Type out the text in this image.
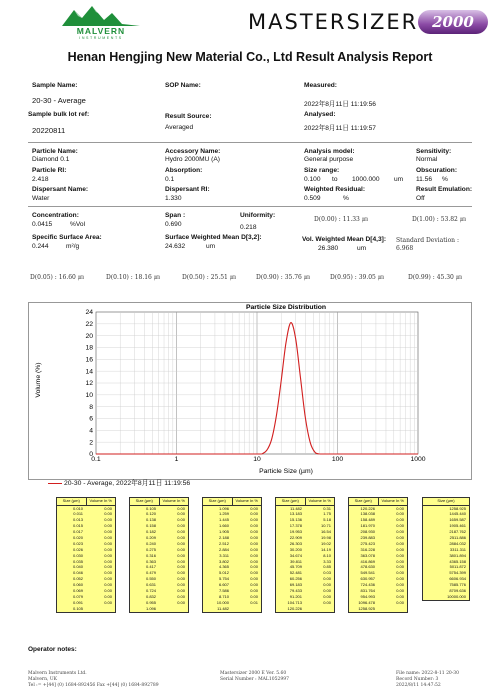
MALVERN
INSTRUMENTS
MASTERSIZER 2000
Henan Hengjing New Material Co., Ltd Result Analysis Report
Sample Name:
20-30 - Average
SOP Name:	Measured:
2022年8月11日 11:19:56
Sample bulk lot ref:
20220811
Result Source:
Averaged
Analysed:
2022年8月11日 11:19:57
Particle Name:
Diamond 0.1
Accessory Name:
Hydro 2000MU (A)
Analysis model:
General purpose
Sensitivity:
Normal
Particle RI:
2.418
Absorption:
0.1
Size range:
0.100 to 1000.000 um
Obscuration:
11.56 %
Dispersant Name:
Water
Dispersant RI:
1.330
Weighted Residual:
0.509	%
Result Emulation:
Off
Concentration:
0.0415	%Vol
Span :
0.690
Uniformity:
0.218
D(0.00) : 11.33 ㎛	D(1.00) : 53.82 ㎛
Specific Surface Area:
0.244	m²/g
Surface Weighted Mean D[3,2]:
24.632	um
Vol. Weighted Mean D[4,3]:
26.380	um
Standard Deviation :
6.968
D(0.05) : 16.60 ㎛	D(0.10) : 18.16 ㎛	D(0.50) : 25.51 ㎛	D(0.90) : 35.76 ㎛	D(0.95) : 39.05 ㎛	D(0.99) : 45.30 ㎛
Particle Size Distribution
0
2
4
6
8
10
12
14
16
18
20
22
24
0.1	1	10	100	1000
Volume (%)
Particle Size (µm)
20-30 - Average, 2022年8月11日 11:19:56
Size (µm)	Volume In %
0.010	0.00
0.011	0.00
0.013	0.00
0.015	0.00
0.017	0.00
0.020	0.00
0.023	0.00
0.026	0.00
0.030	0.00
0.035	0.00
0.040	0.00
0.046	0.00
0.052	0.00
0.060	0.00
0.069	0.00
0.079	0.00
0.091	0.00
0.105
Size (µm)	Volume In %
0.105	0.00
0.120	0.00
0.138	0.00
0.158	0.00
0.182	0.00
0.209	0.00
0.240	0.00
0.275	0.00
0.316	0.00
0.363	0.00
0.417	0.00
0.479	0.00
0.550	0.00
0.631	0.00
0.724	0.00
0.832	0.00
0.955	0.00
1.096
Size (µm)	Volume In %
1.096	0.00
1.259	0.00
1.445	0.00
1.660	0.00
1.905	0.00
2.188	0.00
2.512	0.00
2.884	0.00
3.311	0.00
3.802	0.00
4.365	0.00
5.012	0.00
5.754	0.00
6.607	0.00
7.586	0.00
8.710	0.00
10.000	0.01
11.482
Size (µm)	Volume In %
11.482	0.31
13.183	1.75
15.136	5.18
17.378	10.71
19.953	16.54
22.909	19.98
26.303	19.02
30.200	14.19
34.674	8.10
39.811	3.33
45.709	0.85
52.481	0.03
60.256	0.00
69.183	0.00
79.433	0.00
91.201	0.00
104.713	0.00
120.226
Size (µm)	Volume In %
120.226	0.00
138.038	0.00
158.489	0.00
181.970	0.00
208.930	0.00
239.883	0.00
275.423	0.00
316.228	0.00
363.078	0.00
416.869	0.00
478.630	0.00
549.541	0.00
630.957	0.00
724.436	0.00
831.764	0.00
954.993	0.00
1096.478	0.00
1258.925
Size (µm)
1258.925
1445.440
1659.587
1905.461
2187.762
2511.886
2884.032
3311.311
3801.894
4365.158
5011.872
5754.399
6606.934
7585.776
8709.636
10000.000
Operator notes:
Malvern Instruments Ltd.
Malvern, UK
Tel := +[44] (0) 1684-892456 Fax +[44] (0) 1684-892789
Mastersizer 2000 E Ver. 5.60
Serial Number : MAL1052997
File name: 2022-8-11 20-30
Record Number: 3
2022/8/11 14:47:52
